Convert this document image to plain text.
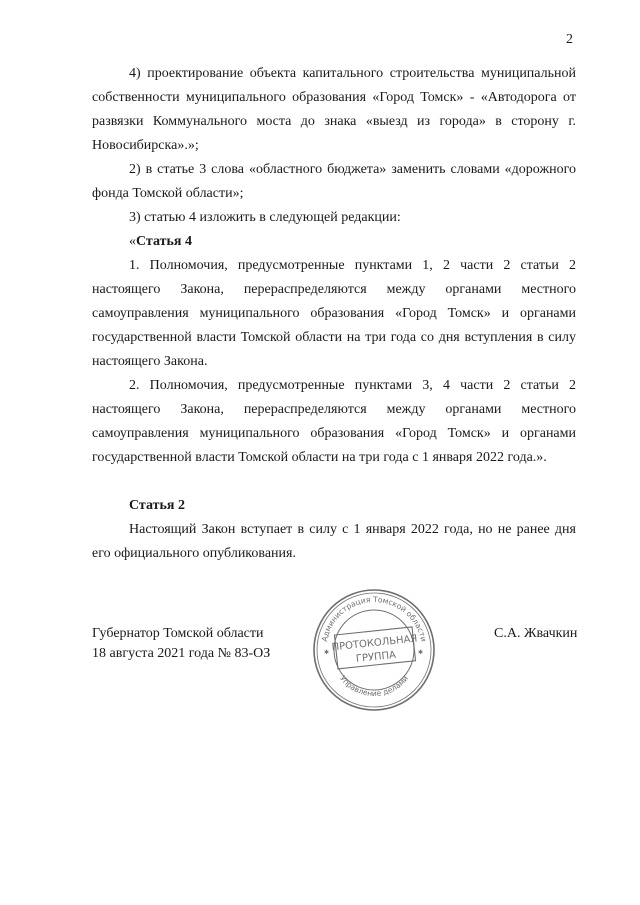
2

4) проектирование объекта капитального строительства муниципальной собственности муниципального образования «Город Томск» - «Автодорога от развязки Коммунального моста до знака «выезд из города» в сторону г. Новосибирска».»;

2) в статье 3 слова «областного бюджета» заменить словами «дорожного фонда Томской области»;

3) статью 4 изложить в следующей редакции:

«Статья 4

1. Полномочия, предусмотренные пунктами 1, 2 части 2 статьи 2 настоящего Закона, перераспределяются между органами местного самоуправления муниципального образования «Город Томск» и органами государственной власти Томской области на три года со дня вступления в силу настоящего Закона.

2. Полномочия, предусмотренные пунктами 3, 4 части 2 статьи 2 настоящего Закона, перераспределяются между органами местного самоуправления муниципального образования «Город Томск» и органами государственной власти Томской области на три года с 1 января 2022 года.».

Статья 2

Настоящий Закон вступает в силу с 1 января 2022 года, но не ранее дня его официального опубликования.

Губернатор Томской области
18 августа 2021 года № 83-ОЗ
С.А. Жвачкин
Администрация Томской области
Управление делами
ПРОТОКОЛЬНАЯ
ГРУППА
✱	✱
